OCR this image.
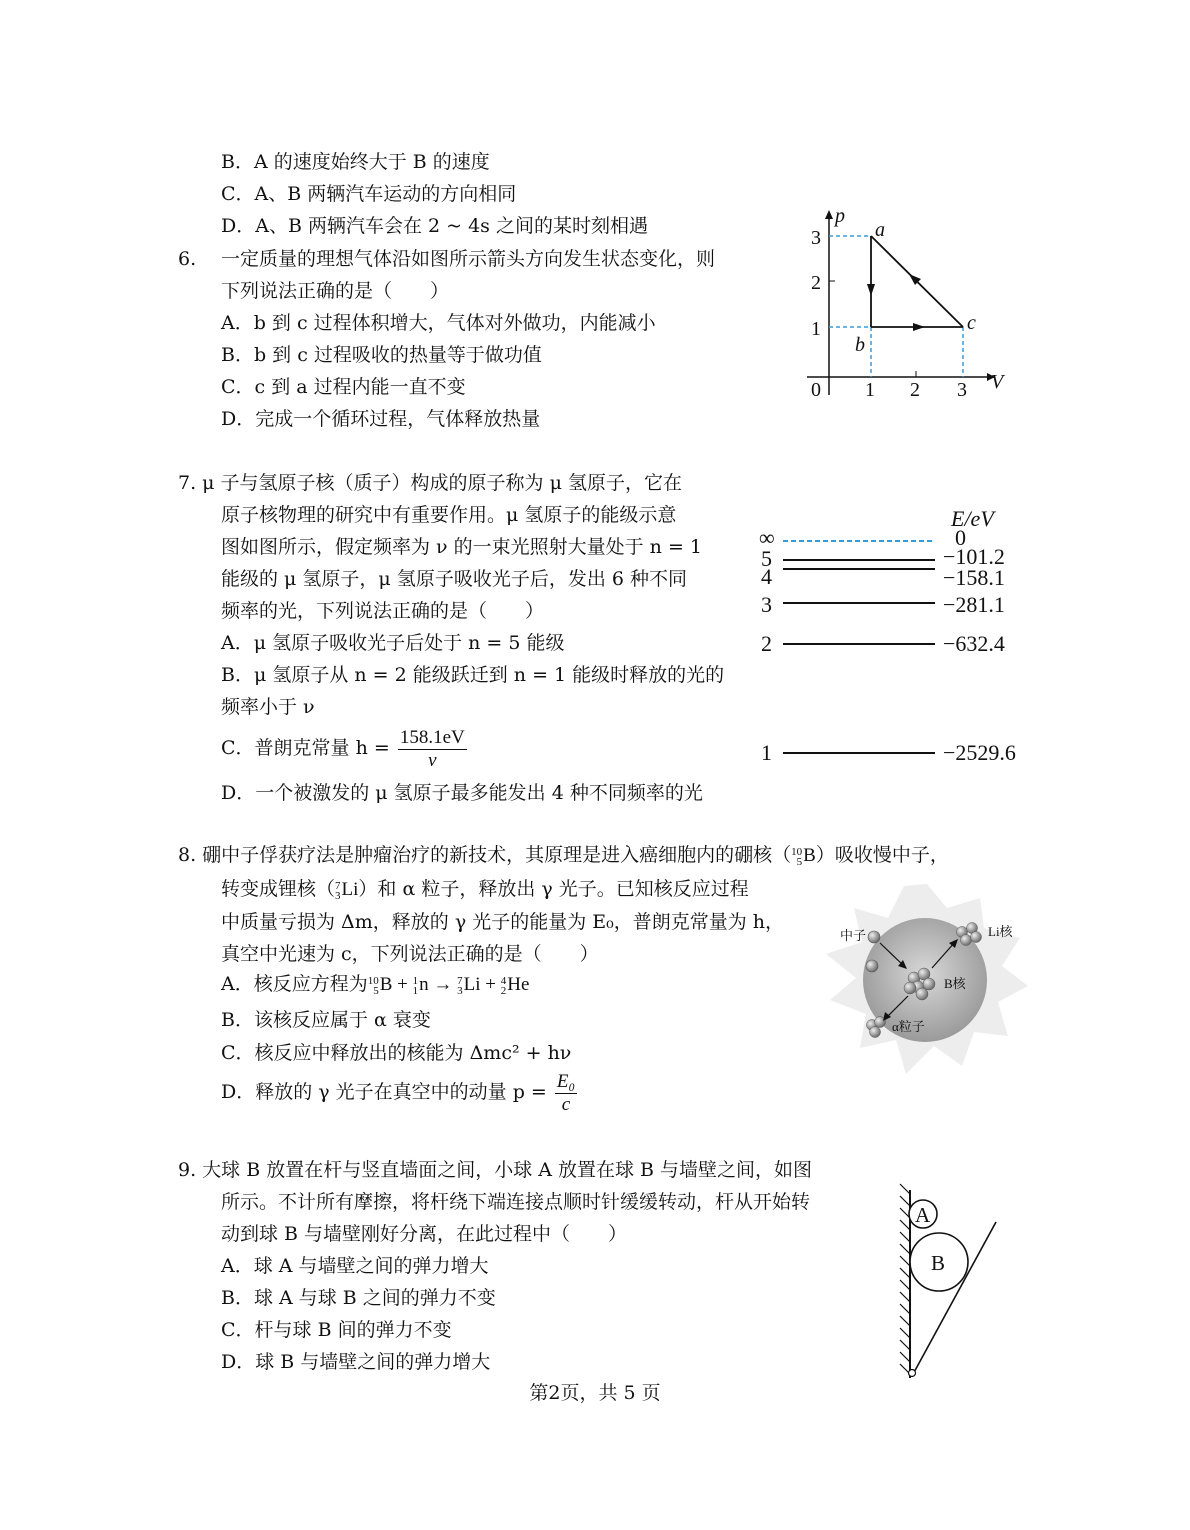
B．A 的速度始终大于 B 的速度
C．A、B 两辆汽车运动的方向相同
D．A、B 两辆汽车会在 2 ~ 4s 之间的某时刻相遇
6. 一定质量的理想气体沿如图所示箭头方向发生状态变化，则
下列说法正确的是（　　）
A．b 到 c 过程体积增大，气体对外做功，内能减小
B．b 到 c 过程吸收的热量等于做功值
C．c 到 a 过程内能一直不变
D．完成一个循环过程，气体释放热量
p
V
0
3
2
1
1 2 3
a
b
c
7. μ 子与氢原子核（质子）构成的原子称为 μ 氢原子，它在
原子核物理的研究中有重要作用。μ 氢原子的能级示意
图如图所示，假定频率为 ν 的一束光照射大量处于 n = 1
能级的 μ 氢原子，μ 氢原子吸收光子后，发出 6 种不同
频率的光，下列说法正确的是（　　）
A．μ 氢原子吸收光子后处于 n = 5 能级
B．μ 氢原子从 n = 2 能级跃迁到 n = 1 能级时释放的光的
频率小于 ν
C．普朗克常量 $h = \frac{158.1eV}{\nu}$
D．一个被激发的 μ 氢原子最多能发出 4 种不同频率的光
E/eV
∞	0
5	−101.2
4	−158.1
3	−281.1
2	−632.4
1	−2529.6
8. 硼中子俘获疗法是肿瘤治疗的新技术，其原理是进入癌细胞内的硼核（10
5B）吸收慢中子，
转变成锂核（7
3Li）和 α 粒子，释放出 γ 光子。已知核反应过程
中质量亏损为 Δm，释放的 γ 光子的能量为 E₀，普朗克常量为 h，
真空中光速为 c，下列说法正确的是（　　）
A．核反应方程为10
5B + 1
1n → 7
3Li + 4
2He
B．该核反应属于 α 衰变
C．核反应中释放出的核能为 Δmc² + hν
D．释放的 γ 光子在真空中的动量 $p = \frac{\text{E₀}}{c}$
中子	Li核
B核
α粒子
9. 大球 B 放置在杆与竖直墙面之间，小球 A 放置在球 B 与墙壁之间，如图
所示。不计所有摩擦，将杆绕下端连接点顺时针缓缓转动，杆从开始转
动到球 B 与墙壁刚好分离，在此过程中（　　）
A．球 A 与墙壁之间的弹力增大
B．球 A 与球 B 之间的弹力不变
C．杆与球 B 间的弹力不变
D．球 B 与墙壁之间的弹力增大
A
B
第2页，共 5 页
